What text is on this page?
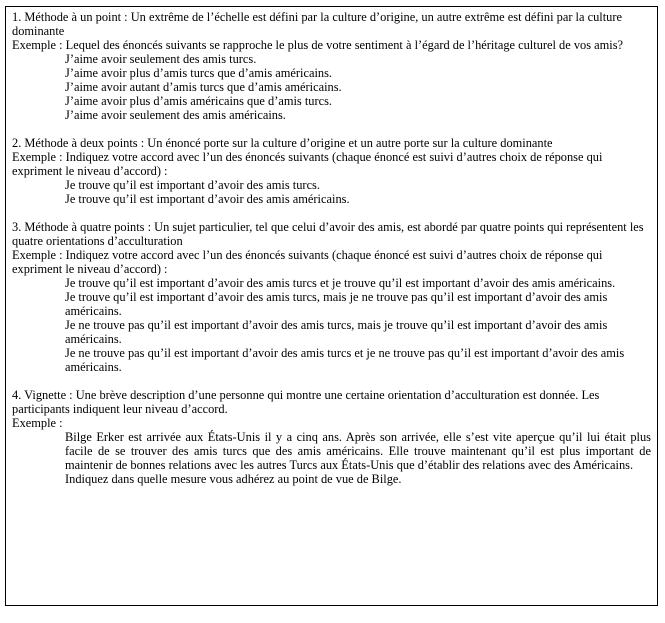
1. Méthode à un point : Un extrême de l’échelle est défini par la culture d’origine, un autre extrême est défini par la culture dominante
Exemple : Lequel des énoncés suivants se rapproche le plus de votre sentiment à l’égard de l’héritage culturel de vos amis?
J’aime avoir seulement des amis turcs.
J’aime avoir plus d’amis turcs que d’amis américains.
J’aime avoir autant d’amis turcs que d’amis américains.
J’aime avoir plus d’amis américains que d’amis turcs.
J’aime avoir seulement des amis américains.
2. Méthode à deux points : Un énoncé porte sur la culture d’origine et un autre porte sur la culture dominante
Exemple : Indiquez votre accord avec l’un des énoncés suivants (chaque énoncé est suivi d’autres choix de réponse qui expriment le niveau d’accord) :
Je trouve qu’il est important d’avoir des amis turcs.
Je trouve qu’il est important d’avoir des amis américains.
3. Méthode à quatre points : Un sujet particulier, tel que celui d’avoir des amis, est abordé par quatre points qui représentent les quatre orientations d’acculturation
Exemple : Indiquez votre accord avec l’un des énoncés suivants (chaque énoncé est suivi d’autres choix de réponse qui expriment le niveau d’accord) :
Je trouve qu’il est important d’avoir des amis turcs et je trouve qu’il est important d’avoir des amis américains.
Je trouve qu’il est important d’avoir des amis turcs, mais je ne trouve pas qu’il est important d’avoir des amis américains.
Je ne trouve pas qu’il est important d’avoir des amis turcs, mais je trouve qu’il est important d’avoir des amis américains.
Je ne trouve pas qu’il est important d’avoir des amis turcs et je ne trouve pas qu’il est important d’avoir des amis américains.
4. Vignette : Une brève description d’une personne qui montre une certaine orientation d’acculturation est donnée. Les participants indiquent leur niveau d’accord.
Exemple :
Bilge Erker est arrivée aux États-Unis il y a cinq ans. Après son arrivée, elle s’est vite aperçue qu’il lui était plus facile de se trouver des amis turcs que des amis américains. Elle trouve maintenant qu’il est plus important de maintenir de bonnes relations avec les autres Turcs aux États-Unis que d’établir des relations avec des Américains.
Indiquez dans quelle mesure vous adhérez au point de vue de Bilge.
